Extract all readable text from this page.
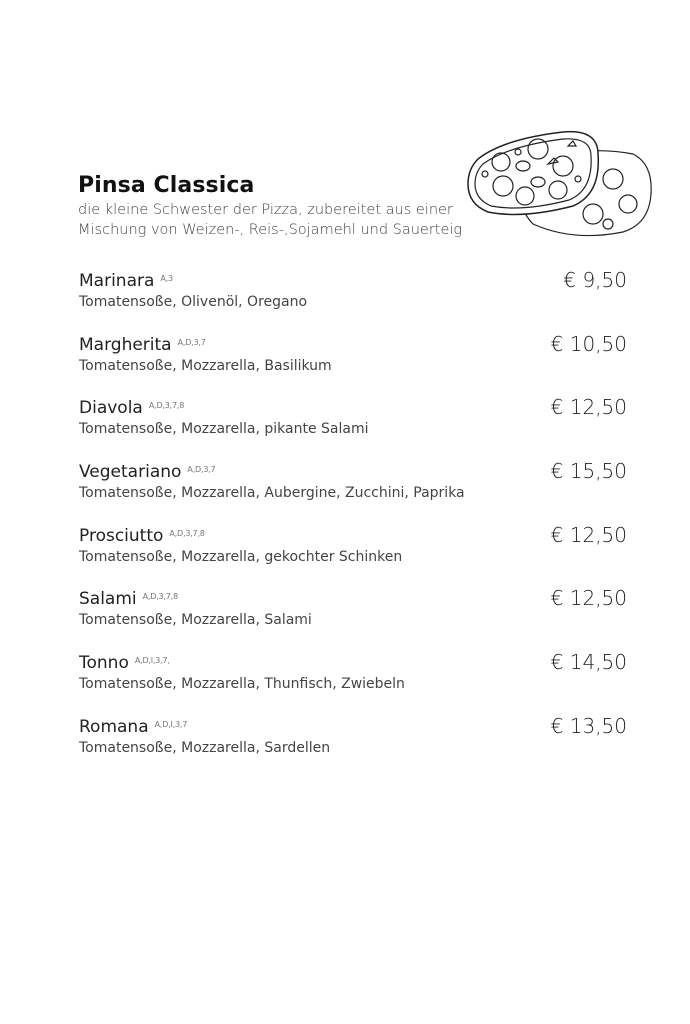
Pinsa Classica
die kleine Schwester der Pizza, zubereitet aus einer
Mischung von Weizen-, Reis-,Sojamehl und Sauerteig
Marinara $^{A,3}$
Tomatensoße, Olivenöl, Oregano
€ 9,50
Margherita $^{A,D,3,7}$
Tomatensoße, Mozzarella, Basilikum
€ 10,50
Diavola $^{A,D,3,7,8}$
Tomatensoße, Mozzarella, pikante Salami
€ 12,50
Vegetariano $^{A,D,3,7}$
Tomatensoße, Mozzarella, Aubergine, Zucchini, Paprika
€ 15,50
Prosciutto $^{A,D,3,7,8}$
Tomatensoße, Mozzarella, gekochter Schinken
€ 12,50
Salami $^{A,D,3,7,8}$
Tomatensoße, Mozzarella, Salami
€ 12,50
Tonno $^{A,D,I,3,7,}$
Tomatensoße, Mozzarella, Thunfisch, Zwiebeln
€ 14,50
Romana $^{A,D,I,3,7}$
Tomatensoße, Mozzarella, Sardellen
€ 13,50
